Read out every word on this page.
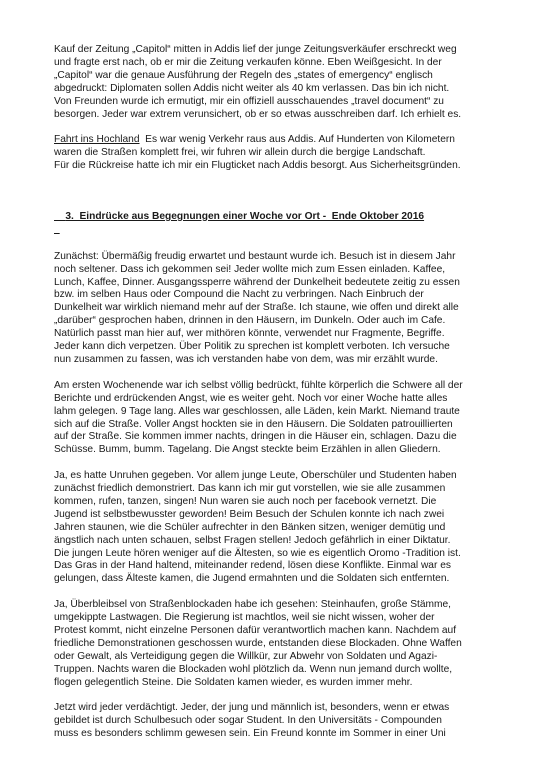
Kauf der Zeitung „Capitol“ mitten in Addis lief der junge Zeitungsverkäufer erschreckt weg
und fragte erst nach, ob er mir die Zeitung verkaufen könne. Eben Weißgesicht. In der
„Capitol“ war die genaue Ausführung der Regeln des „states of emergency“ englisch
abgedruckt: Diplomaten sollen Addis nicht weiter als 40 km verlassen. Das bin ich nicht.
Von Freunden wurde ich ermutigt, mir ein offiziell ausschauendes „travel document“ zu
besorgen. Jeder war extrem verunsichert, ob er so etwas ausschreiben darf. Ich erhielt es.
Fahrt ins Hochland  Es war wenig Verkehr raus aus Addis. Auf Hunderten von Kilometern
waren die Straßen komplett frei, wir fuhren wir allein durch die bergige Landschaft.
Für die Rückreise hatte ich mir ein Flugticket nach Addis besorgt. Aus Sicherheitsgründen.

3.  Eindrücke aus Begegnungen einer Woche vor Ort -  Ende Oktober 2016

Zunächst: Übermäßig freudig erwartet und bestaunt wurde ich. Besuch ist in diesem Jahr
noch seltener. Dass ich gekommen sei! Jeder wollte mich zum Essen einladen. Kaffee,
Lunch, Kaffee, Dinner. Ausgangssperre während der Dunkelheit bedeutete zeitig zu essen
bzw. im selben Haus oder Compound die Nacht zu verbringen. Nach Einbruch der
Dunkelheit war wirklich niemand mehr auf der Straße. Ich staune, wie offen und direkt alle
„darüber“ gesprochen haben, drinnen in den Häusern, im Dunkeln. Oder auch im Cafe.
Natürlich passt man hier auf, wer mithören könnte, verwendet nur Fragmente, Begriffe.
Jeder kann dich verpetzen. Über Politik zu sprechen ist komplett verboten. Ich versuche
nun zusammen zu fassen, was ich verstanden habe von dem, was mir erzählt wurde.
Am ersten Wochenende war ich selbst völlig bedrückt, fühlte körperlich die Schwere all der
Berichte und erdrückenden Angst, wie es weiter geht. Noch vor einer Woche hatte alles
lahm gelegen. 9 Tage lang. Alles war geschlossen, alle Läden, kein Markt. Niemand traute
sich auf die Straße. Voller Angst hockten sie in den Häusern. Die Soldaten patrouillierten
auf der Straße. Sie kommen immer nachts, dringen in die Häuser ein, schlagen. Dazu die
Schüsse. Bumm, bumm. Tagelang. Die Angst steckte beim Erzählen in allen Gliedern.
Ja, es hatte Unruhen gegeben. Vor allem junge Leute, Oberschüler und Studenten haben
zunächst friedlich demonstriert. Das kann ich mir gut vorstellen, wie sie alle zusammen
kommen, rufen, tanzen, singen! Nun waren sie auch noch per facebook vernetzt. Die
Jugend ist selbstbewusster geworden! Beim Besuch der Schulen konnte ich nach zwei
Jahren staunen, wie die Schüler aufrechter in den Bänken sitzen, weniger demütig und
ängstlich nach unten schauen, selbst Fragen stellen! Jedoch gefährlich in einer Diktatur.
Die jungen Leute hören weniger auf die Ältesten, so wie es eigentlich Oromo -Tradition ist.
Das Gras in der Hand haltend, miteinander redend, lösen diese Konflikte. Einmal war es
gelungen, dass Älteste kamen, die Jugend ermahnten und die Soldaten sich entfernten.
Ja, Überbleibsel von Straßenblockaden habe ich gesehen: Steinhaufen, große Stämme,
umgekippte Lastwagen. Die Regierung ist machtlos, weil sie nicht wissen, woher der
Protest kommt, nicht einzelne Personen dafür verantwortlich machen kann. Nachdem auf
friedliche Demonstrationen geschossen wurde, entstanden diese Blockaden. Ohne Waffen
oder Gewalt, als Verteidigung gegen die Willkür, zur Abwehr von Soldaten und Agazi-
Truppen. Nachts waren die Blockaden wohl plötzlich da. Wenn nun jemand durch wollte,
flogen gelegentlich Steine. Die Soldaten kamen wieder, es wurden immer mehr.
Jetzt wird jeder verdächtigt. Jeder, der jung und männlich ist, besonders, wenn er etwas
gebildet ist durch Schulbesuch oder sogar Student. In den Universitäts - Compounden
muss es besonders schlimm gewesen sein. Ein Freund konnte im Sommer in einer Uni
